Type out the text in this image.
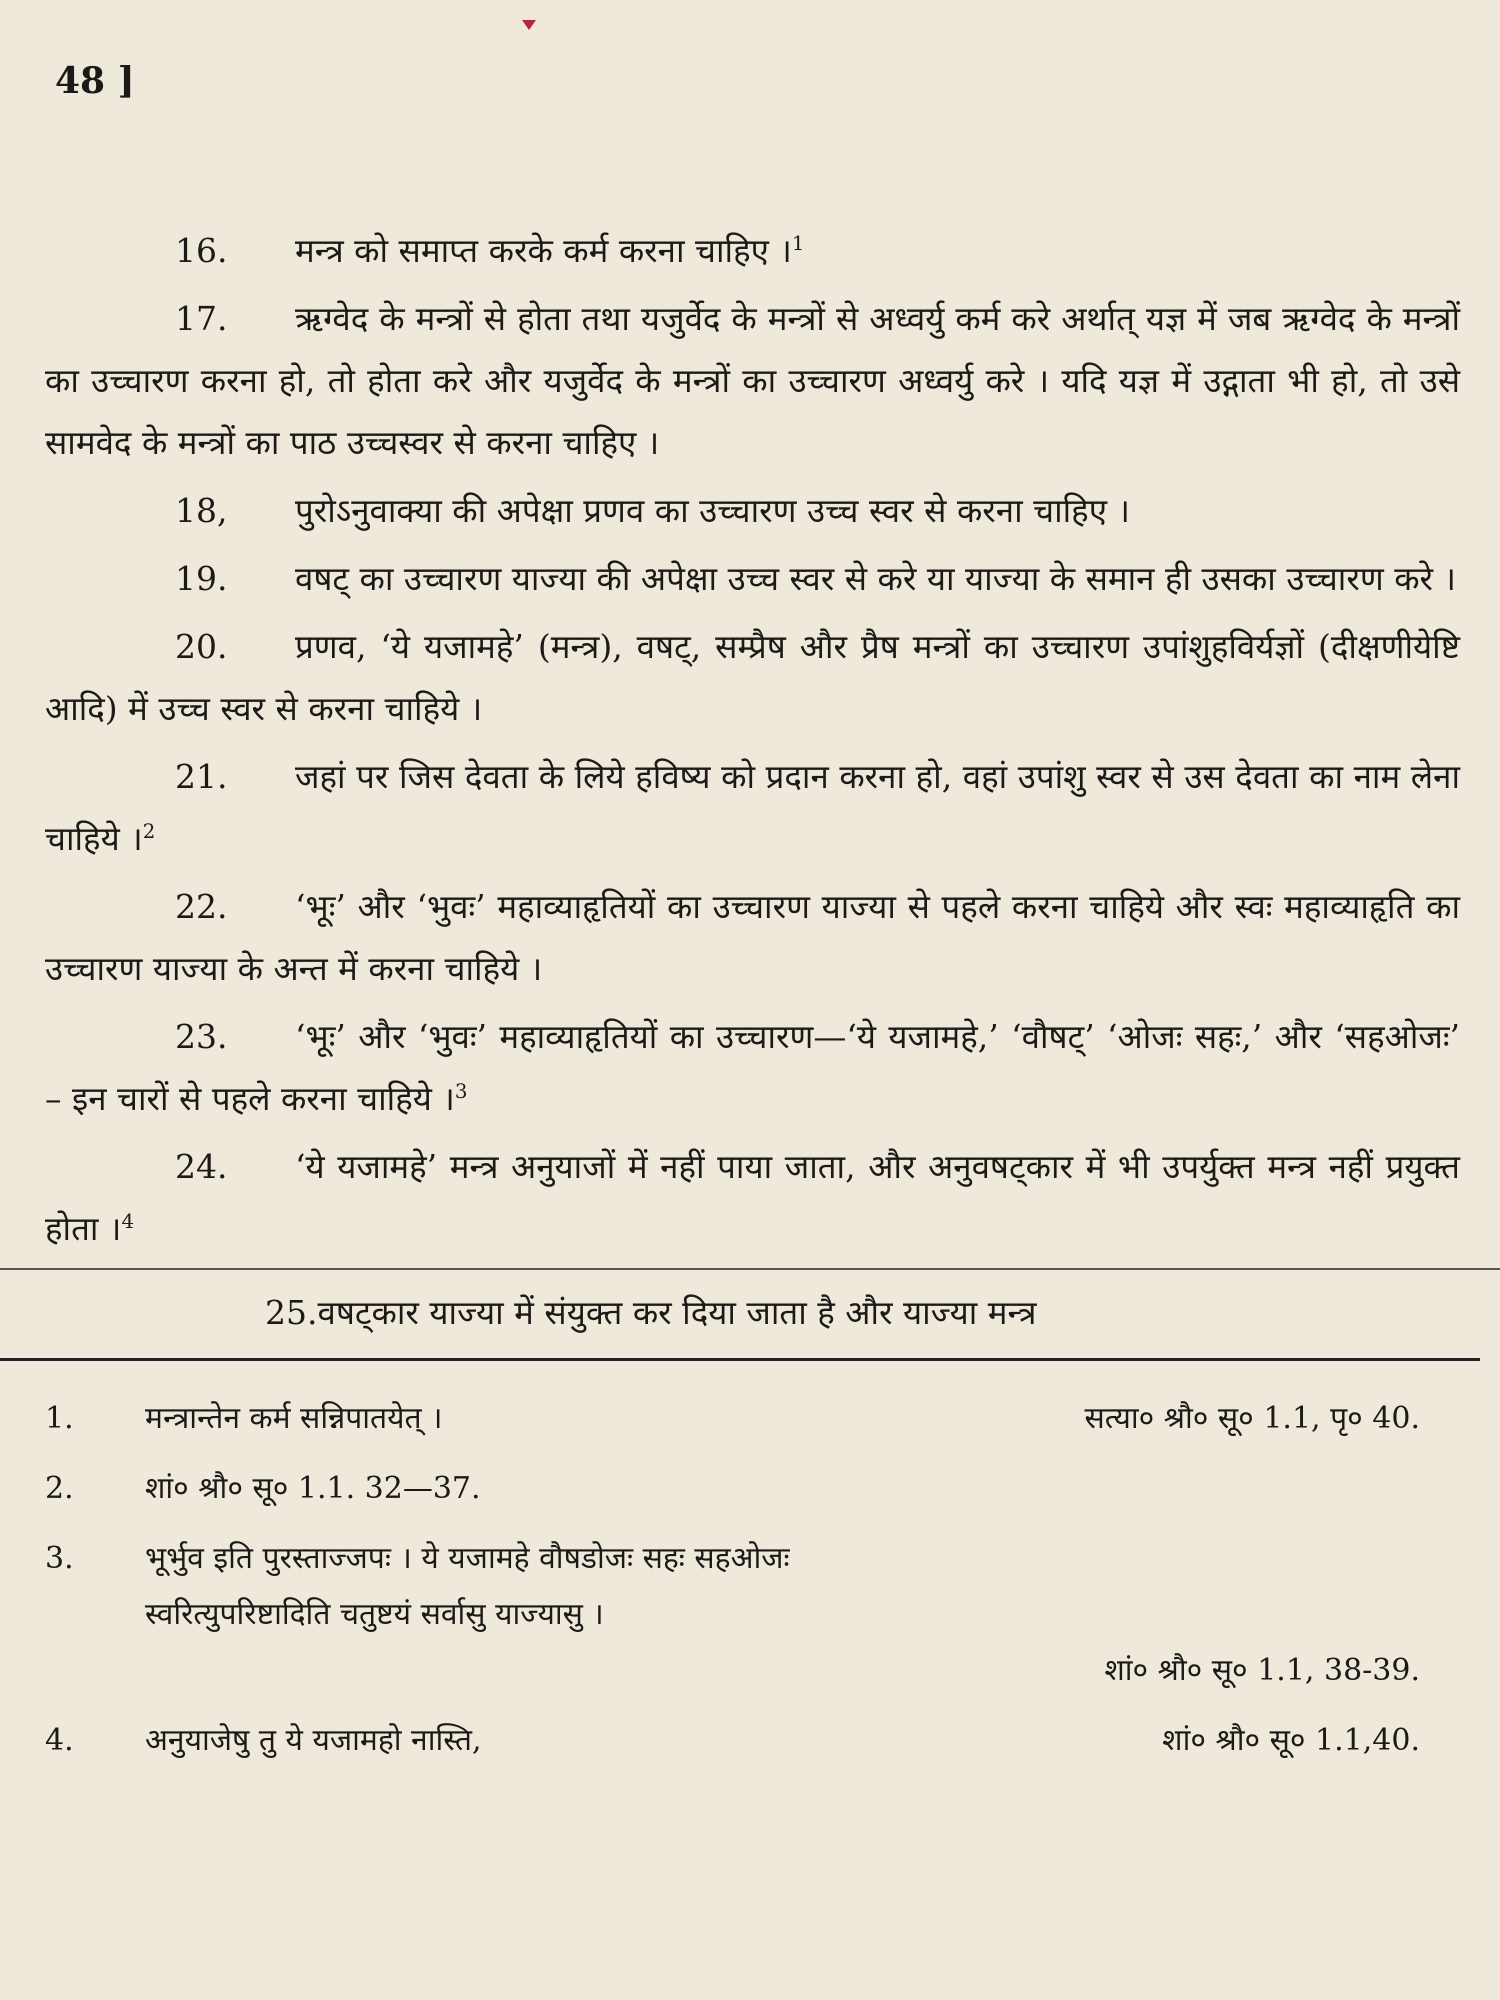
48 ]

16. मन्त्र को समाप्त करके कर्म करना चाहिए ।$^1$

17. ऋग्वेद के मन्त्रों से होता तथा यजुर्वेद के मन्त्रों से अध्वर्यु कर्म करे अर्थात् यज्ञ में जब ऋग्वेद के मन्त्रों का उच्चारण करना हो, तो होता करे और यजुर्वेद के मन्त्रों का उच्चारण अध्वर्यु करे । यदि यज्ञ में उद्गाता भी हो, तो उसे सामवेद के मन्त्रों का पाठ उच्चस्वर से करना चाहिए ।

18, पुरोऽनुवाक्या की अपेक्षा प्रणव का उच्चारण उच्च स्वर से करना चाहिए ।

19. वषट् का उच्चारण याज्या की अपेक्षा उच्च स्वर से करे या याज्या के समान ही उसका उच्चारण करे ।

20. प्रणव, ‘ये यजामहे’ (मन्त्र), वषट्, सम्प्रैष और प्रैष मन्त्रों का उच्चारण उपांशुहविर्यज्ञों (दीक्षणीयेष्टि आदि) में उच्च स्वर से करना चाहिये ।

21. जहां पर जिस देवता के लिये हविष्य को प्रदान करना हो, वहां उपांशु स्वर से उस देवता का नाम लेना चाहिये ।$^2$

22. ‘भूः’ और ‘भुवः’ महाव्याहृतियों का उच्चारण याज्या से पहले करना चाहिये और स्वः महाव्याहृति का उच्चारण याज्या के अन्त में करना चाहिये ।

23. ‘भूः’ और ‘भुवः’ महाव्याहृतियों का उच्चारण—‘ये यजामहे,’ ‘वौषट्’ ‘ओजः सहः,’ और ‘सहओजः’ – इन चारों से पहले करना चाहिये ।$^3$

24. ‘ये यजामहे’ मन्त्र अनुयाजों में नहीं पाया जाता, और अनुवषट्कार में भी उपर्युक्त मन्त्र नहीं प्रयुक्त होता ।$^4$

25.वषट्कार याज्या में संयुक्त कर दिया जाता है और याज्या मन्त्र

1.	मन्त्रान्तेन कर्म सन्निपातयेत् ।	सत्या० श्रौ० सू० 1.1, पृ० 40.
2.	शां० श्रौ० सू० 1.1. 32—37.
3.	भूर्भुव इति पुरस्ताज्जपः । ये यजामहे वौषडोजः सहः सहओजः
स्वरित्युपरिष्टादिति चतुष्टयं सर्वासु याज्यासु ।
शां० श्रौ० सू० 1.1, 38-39.
4.	अनुयाजेषु तु ये यजामहो नास्ति,	शां० श्रौ० सू० 1.1,40.
